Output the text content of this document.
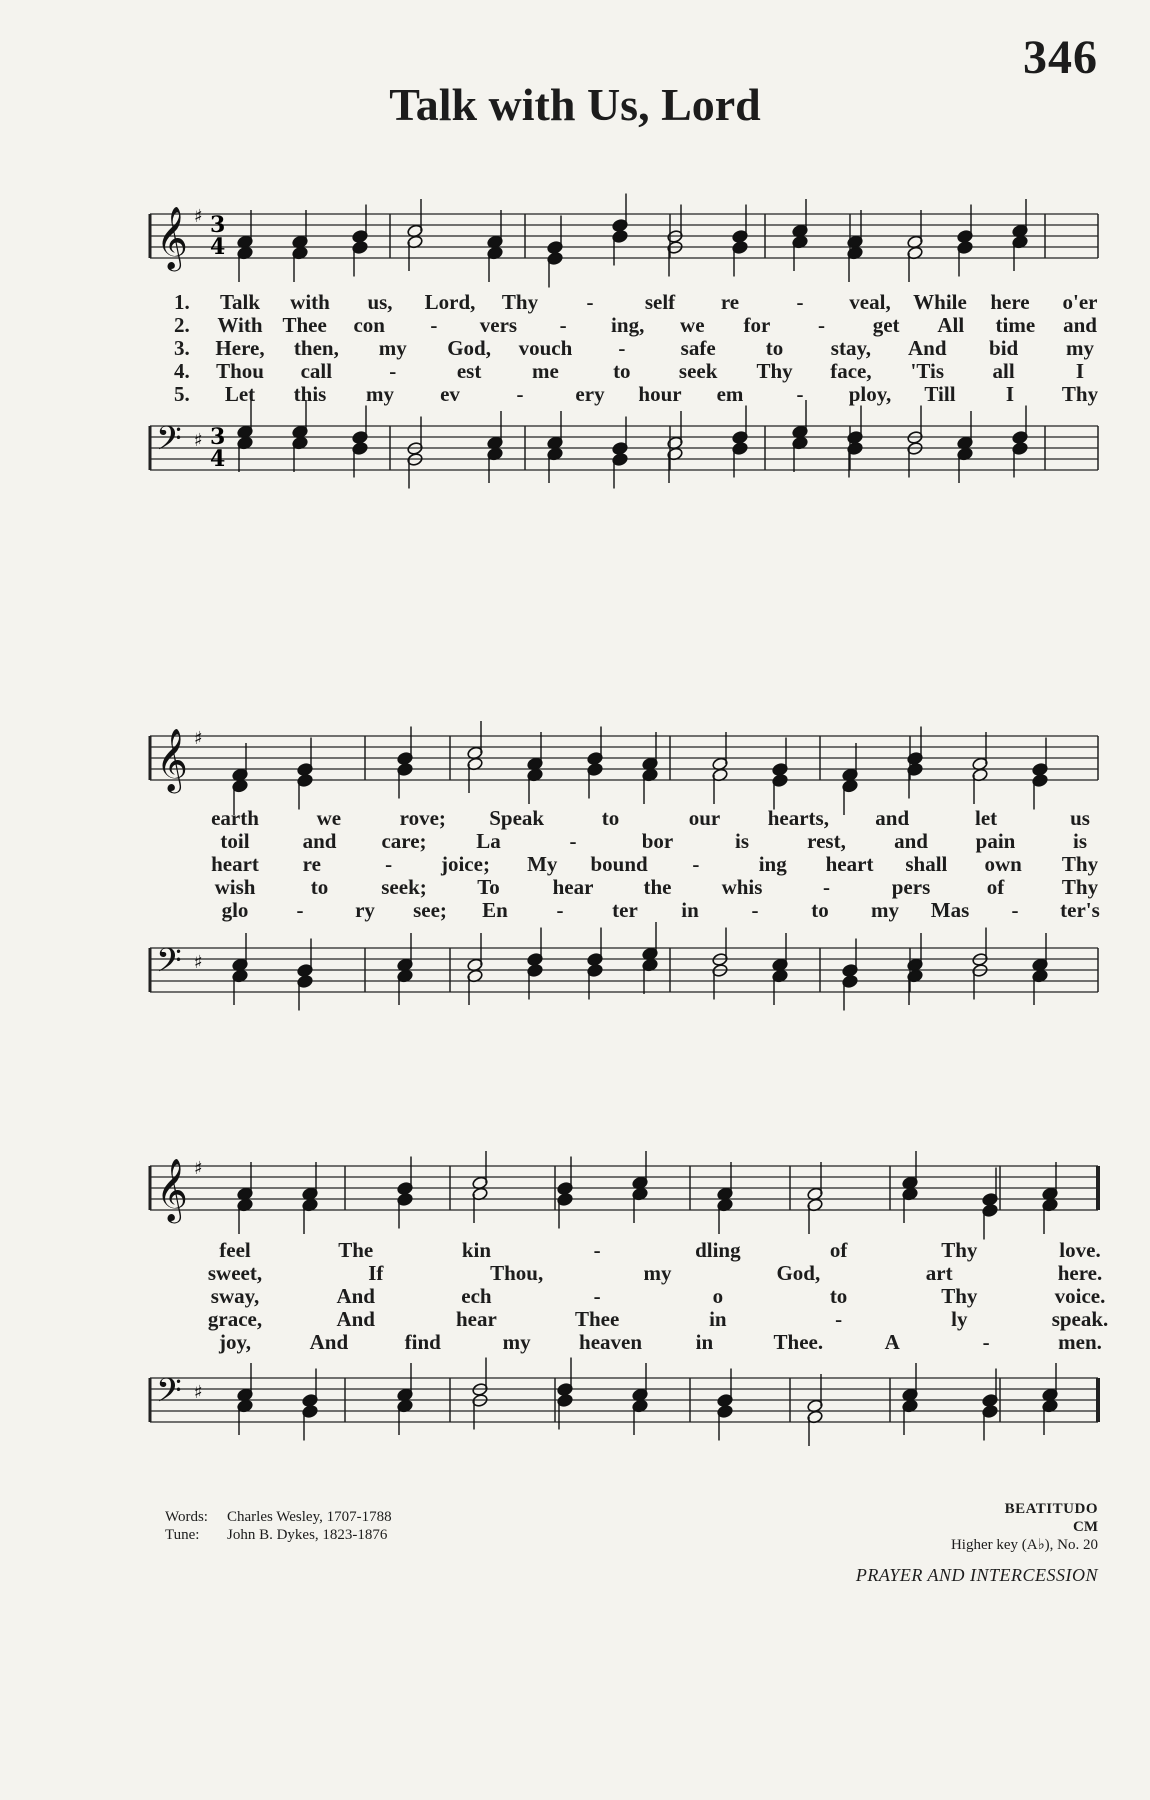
346
Talk with Us, Lord
𝄞 ♯ 3
4
1. Talk with us, Lord, Thy - self re	- veal, While here o'er
2. With Thee con - vers - ing, we for - get All time and
3. Here, then, my God, vouch -	safe to stay, And bid my
4. Thou call	-	est me	to seek Thy face, 'Tis all	I
5. Let this my ev	- ery hour em	- ploy, Till I Thy
𝄢 ♯ 3
4
𝄞 ♯
earth	we	rove; Speak	to	our hearts, and	let	us
toil	and care; La	-	bor	is	rest, and pain	is
heart re	- joice; My bound -	ing heart shall own Thy
wish	to	seek; To	hear the whis	-	pers	of	Thy
glo - ry see; En - ter in	-	to my Mas - ter's
𝄢 ♯
𝄞 ♯
feel	The	kin	-	dling	of	Thy	love.
sweet,	If	Thou,	my	God,	art	here.
sway,	And	ech	-	o	to	Thy	voice.
grace,	And	hear	Thee	in	-	ly	speak.
joy,	And	find	my heaven	in	Thee.	A	-	men.
𝄢 ♯
Words: Charles Wesley, 1707-1788
Tune: John B. Dykes, 1823-1876
BEATITUDO
CM
Higher key (A♭), No. 20
PRAYER AND INTERCESSION
